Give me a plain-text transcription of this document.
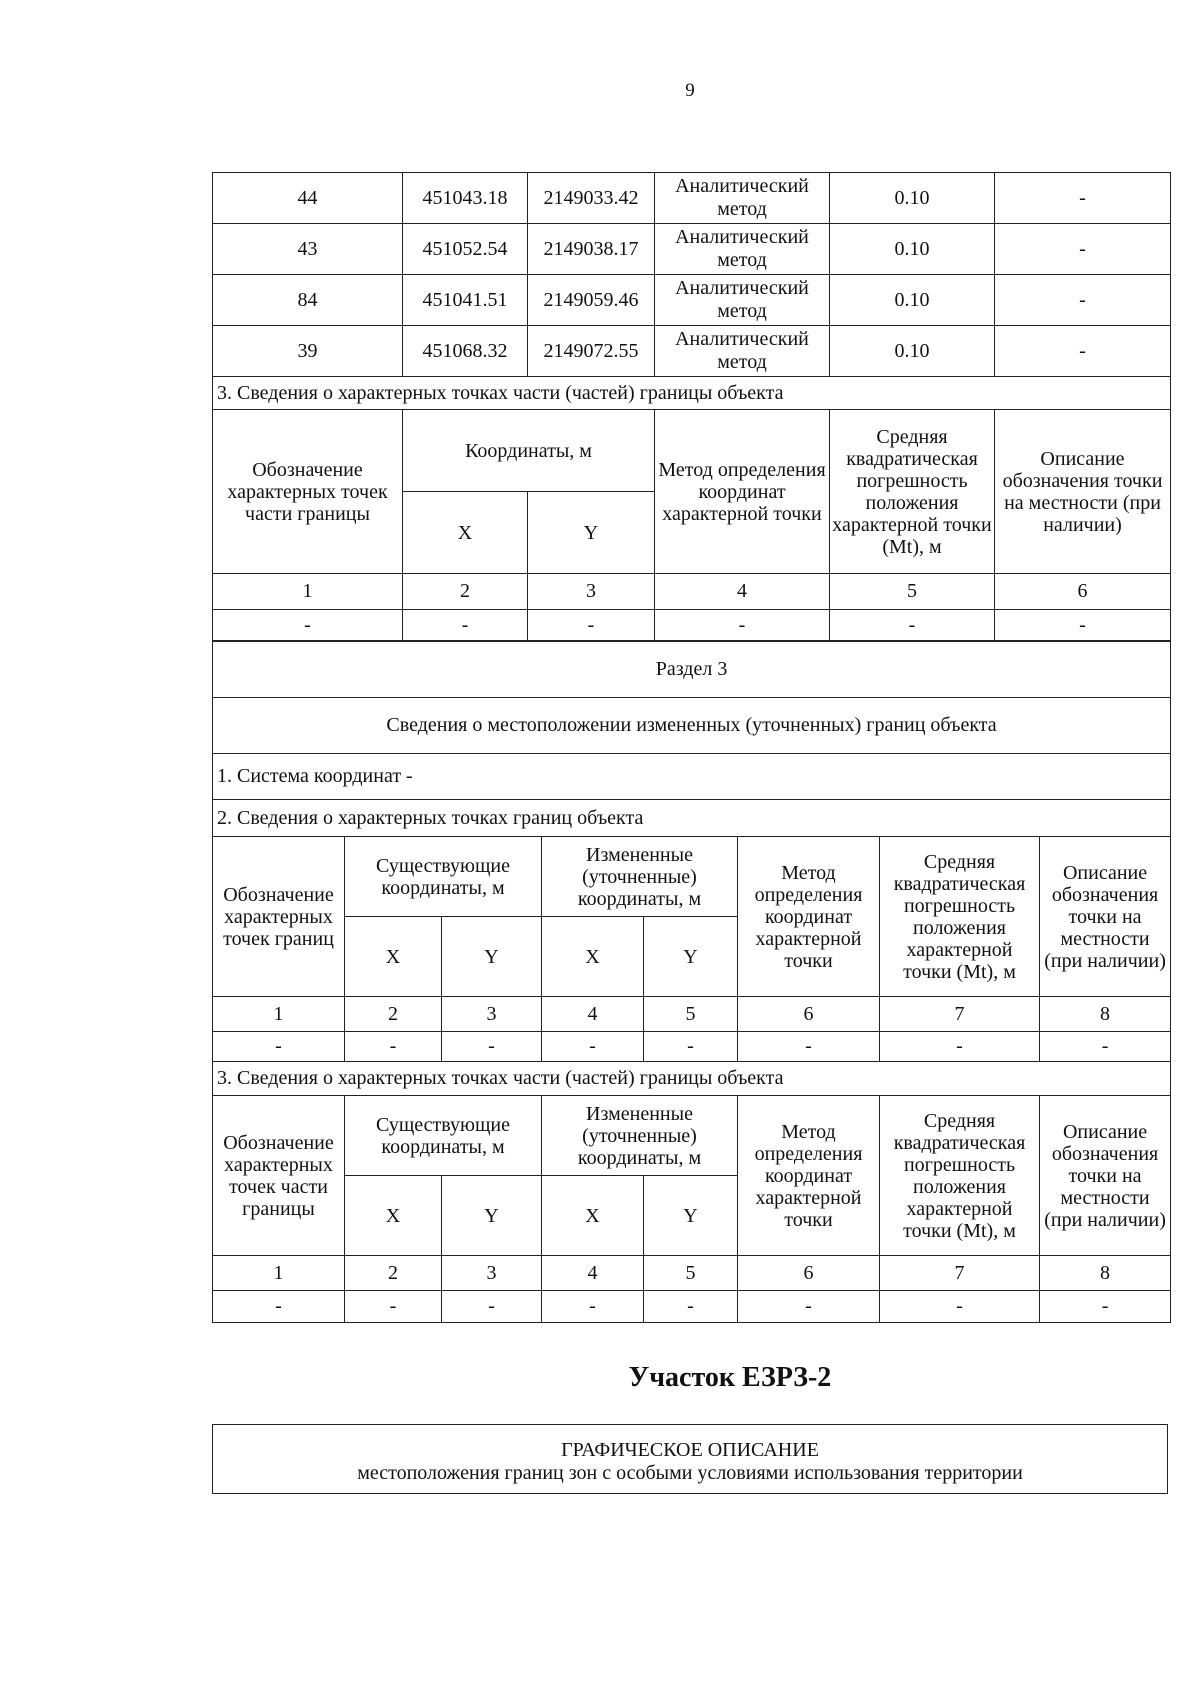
9
44	451043.18	2149033.42	Аналитический метод	0.10	-
43	451052.54	2149038.17	Аналитический метод	0.10	-
84	451041.51	2149059.46	Аналитический метод	0.10	-
39	451068.32	2149072.55	Аналитический метод	0.10	-
3. Сведения о характерных точках части (частей) границы объекта					
Обозначение характерных точек части границы	Координаты, м		Метод определения координат характерной точки	Средняя квадратическая погрешность положения характерной точки (Mt), м	Описание обозначения точки на местности (при наличии)
	X	Y			
1	2	3	4	5	6
-	-	-	-	-	-
Раздел 3							
Сведения о местоположении измененных (уточненных) границ объекта							
1. Система координат -							
2. Сведения о характерных точках границ объекта							
Обозначение характерных точек границ	Существующие координаты, м		Измененные (уточненные) координаты, м		Метод определения координат характерной точки	Средняя квадратическая погрешность положения характерной точки (Mt), м	Описание обозначения точки на местности (при наличии)
	X	Y	X	Y			
1	2	3	4	5	6	7	8
-	-	-	-	-	-	-	-
3. Сведения о характерных точках части (частей) границы объекта							
Обозначение характерных точек части границы	Существующие координаты, м		Измененные (уточненные) координаты, м		Метод определения координат характерной точки	Средняя квадратическая погрешность положения характерной точки (Mt), м	Описание обозначения точки на местности (при наличии)
	X	Y	X	Y			
1	2	3	4	5	6	7	8
-	-	-	-	-	-	-	-
Участок ЕЗРЗ-2
ГРАФИЧЕСКОЕ ОПИСАНИЕ
местоположения границ зон с особыми условиями использования территории
